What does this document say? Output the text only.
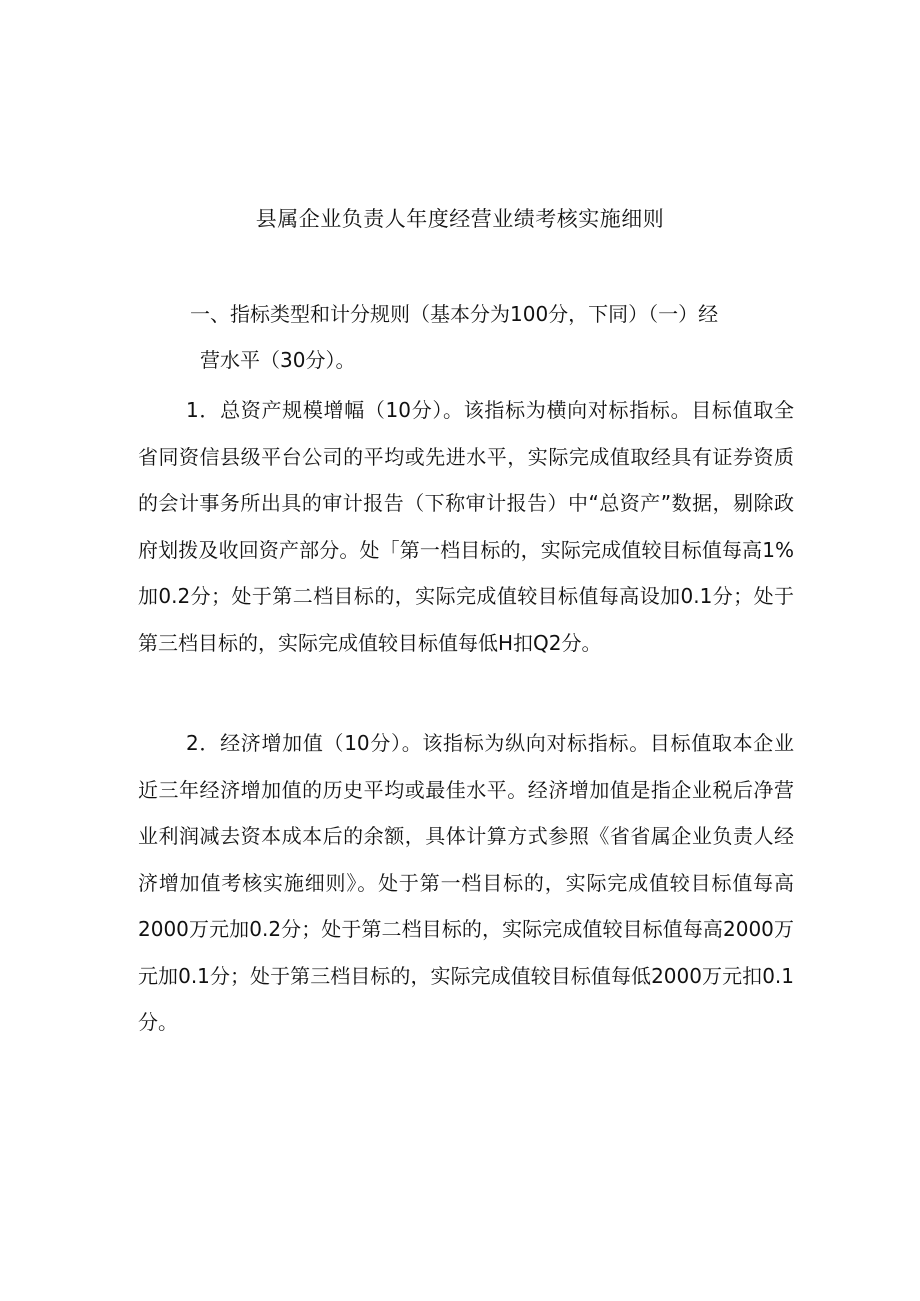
县属企业负责人年度经营业绩考核实施细则

一、指标类型和计分规则（基本分为100分，下同）（一）经

营水平（30分）。

1．总资产规模增幅（10分）。该指标为横向对标指标。目标值取全省同资信县级平台公司的平均或先进水平，实际完成值取经具有证券资质的会计事务所出具的审计报告（下称审计报告）中“总资产”数据，剔除政府划拨及收回资产部分。处「第一档目标的，实际完成值较目标值每高1%加0.2分；处于第二档目标的，实际完成值较目标值每高设加0.1分；处于第三档目标的，实际完成值较目标值每低H扣Q2分。

2．经济增加值（10分）。该指标为纵向对标指标。目标值取本企业近三年经济增加值的历史平均或最佳水平。经济增加值是指企业税后净营业利润减去资本成本后的余额，具体计算方式参照《省省属企业负责人经济增加值考核实施细则》。处于第一档目标的，实际完成值较目标值每高2000万元加0.2分；处于第二档目标的，实际完成值较目标值每高2000万元加0.1分；处于第三档目标的，实际完成值较目标值每低2000万元扣0.1分。
